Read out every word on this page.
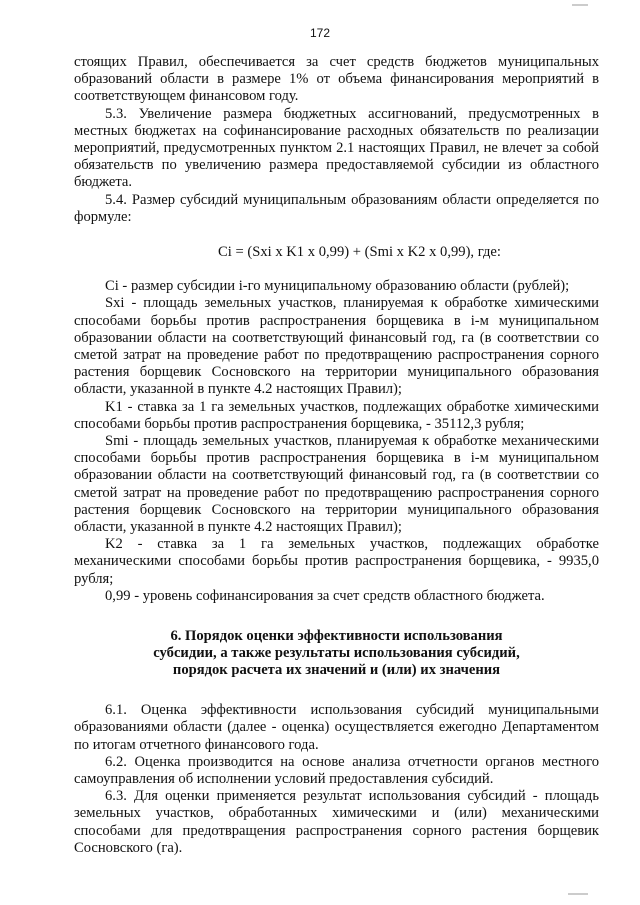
172

стоящих Правил, обеспечивается за счет средств бюджетов муниципальных образований области в размере 1% от объема финансирования мероприятий в соответствующем финансовом году.

5.3. Увеличение размера бюджетных ассигнований, предусмотренных в местных бюджетах на софинансирование расходных обязательств по реализации мероприятий, предусмотренных пунктом 2.1 настоящих Правил, не влечет за собой обязательств по увеличению размера предоставляемой субсидии из областного бюджета.

5.4. Размер субсидий муниципальным образованиям области определяется по формуле:

Ci = (Sxi x K1 x 0,99) + (Smi x K2 x 0,99), где:

Ci - размер субсидии i-го муниципальному образованию области (рублей);

Sxi - площадь земельных участков, планируемая к обработке химическими способами борьбы против распространения борщевика в i-м муниципальном образовании области на соответствующий финансовый год, га (в соответствии со сметой затрат на проведение работ по предотвращению распространения сорного растения борщевик Сосновского на территории муниципального образования области, указанной в пункте 4.2 настоящих Правил);

K1 - ставка за 1 га земельных участков, подлежащих обработке химическими способами борьбы против распространения борщевика, - 35112,3 рубля;

Smi - площадь земельных участков, планируемая к обработке механическими способами борьбы против распространения борщевика в i-м муниципальном образовании области на соответствующий финансовый год, га (в соответствии со сметой затрат на проведение работ по предотвращению распространения сорного растения борщевик Сосновского на территории муниципального образования области, указанной в пункте 4.2 настоящих Правил);

K2 - ставка за 1 га земельных участков, подлежащих обработке механическими способами борьбы против распространения борщевика, - 9935,0 рубля;

0,99 - уровень софинансирования за счет средств областного бюджета.

6. Порядок оценки эффективности использования
субсидии, а также результаты использования субсидий,
порядок расчета их значений и (или) их значения

6.1. Оценка эффективности использования субсидий муниципальными образованиями области (далее - оценка) осуществляется ежегодно Департаментом по итогам отчетного финансового года.

6.2. Оценка производится на основе анализа отчетности органов местного самоуправления об исполнении условий предоставления субсидий.

6.3. Для оценки применяется результат использования субсидий - площадь земельных участков, обработанных химическими и (или) механическими способами для предотвращения распространения сорного растения борщевик Сосновского (га).
